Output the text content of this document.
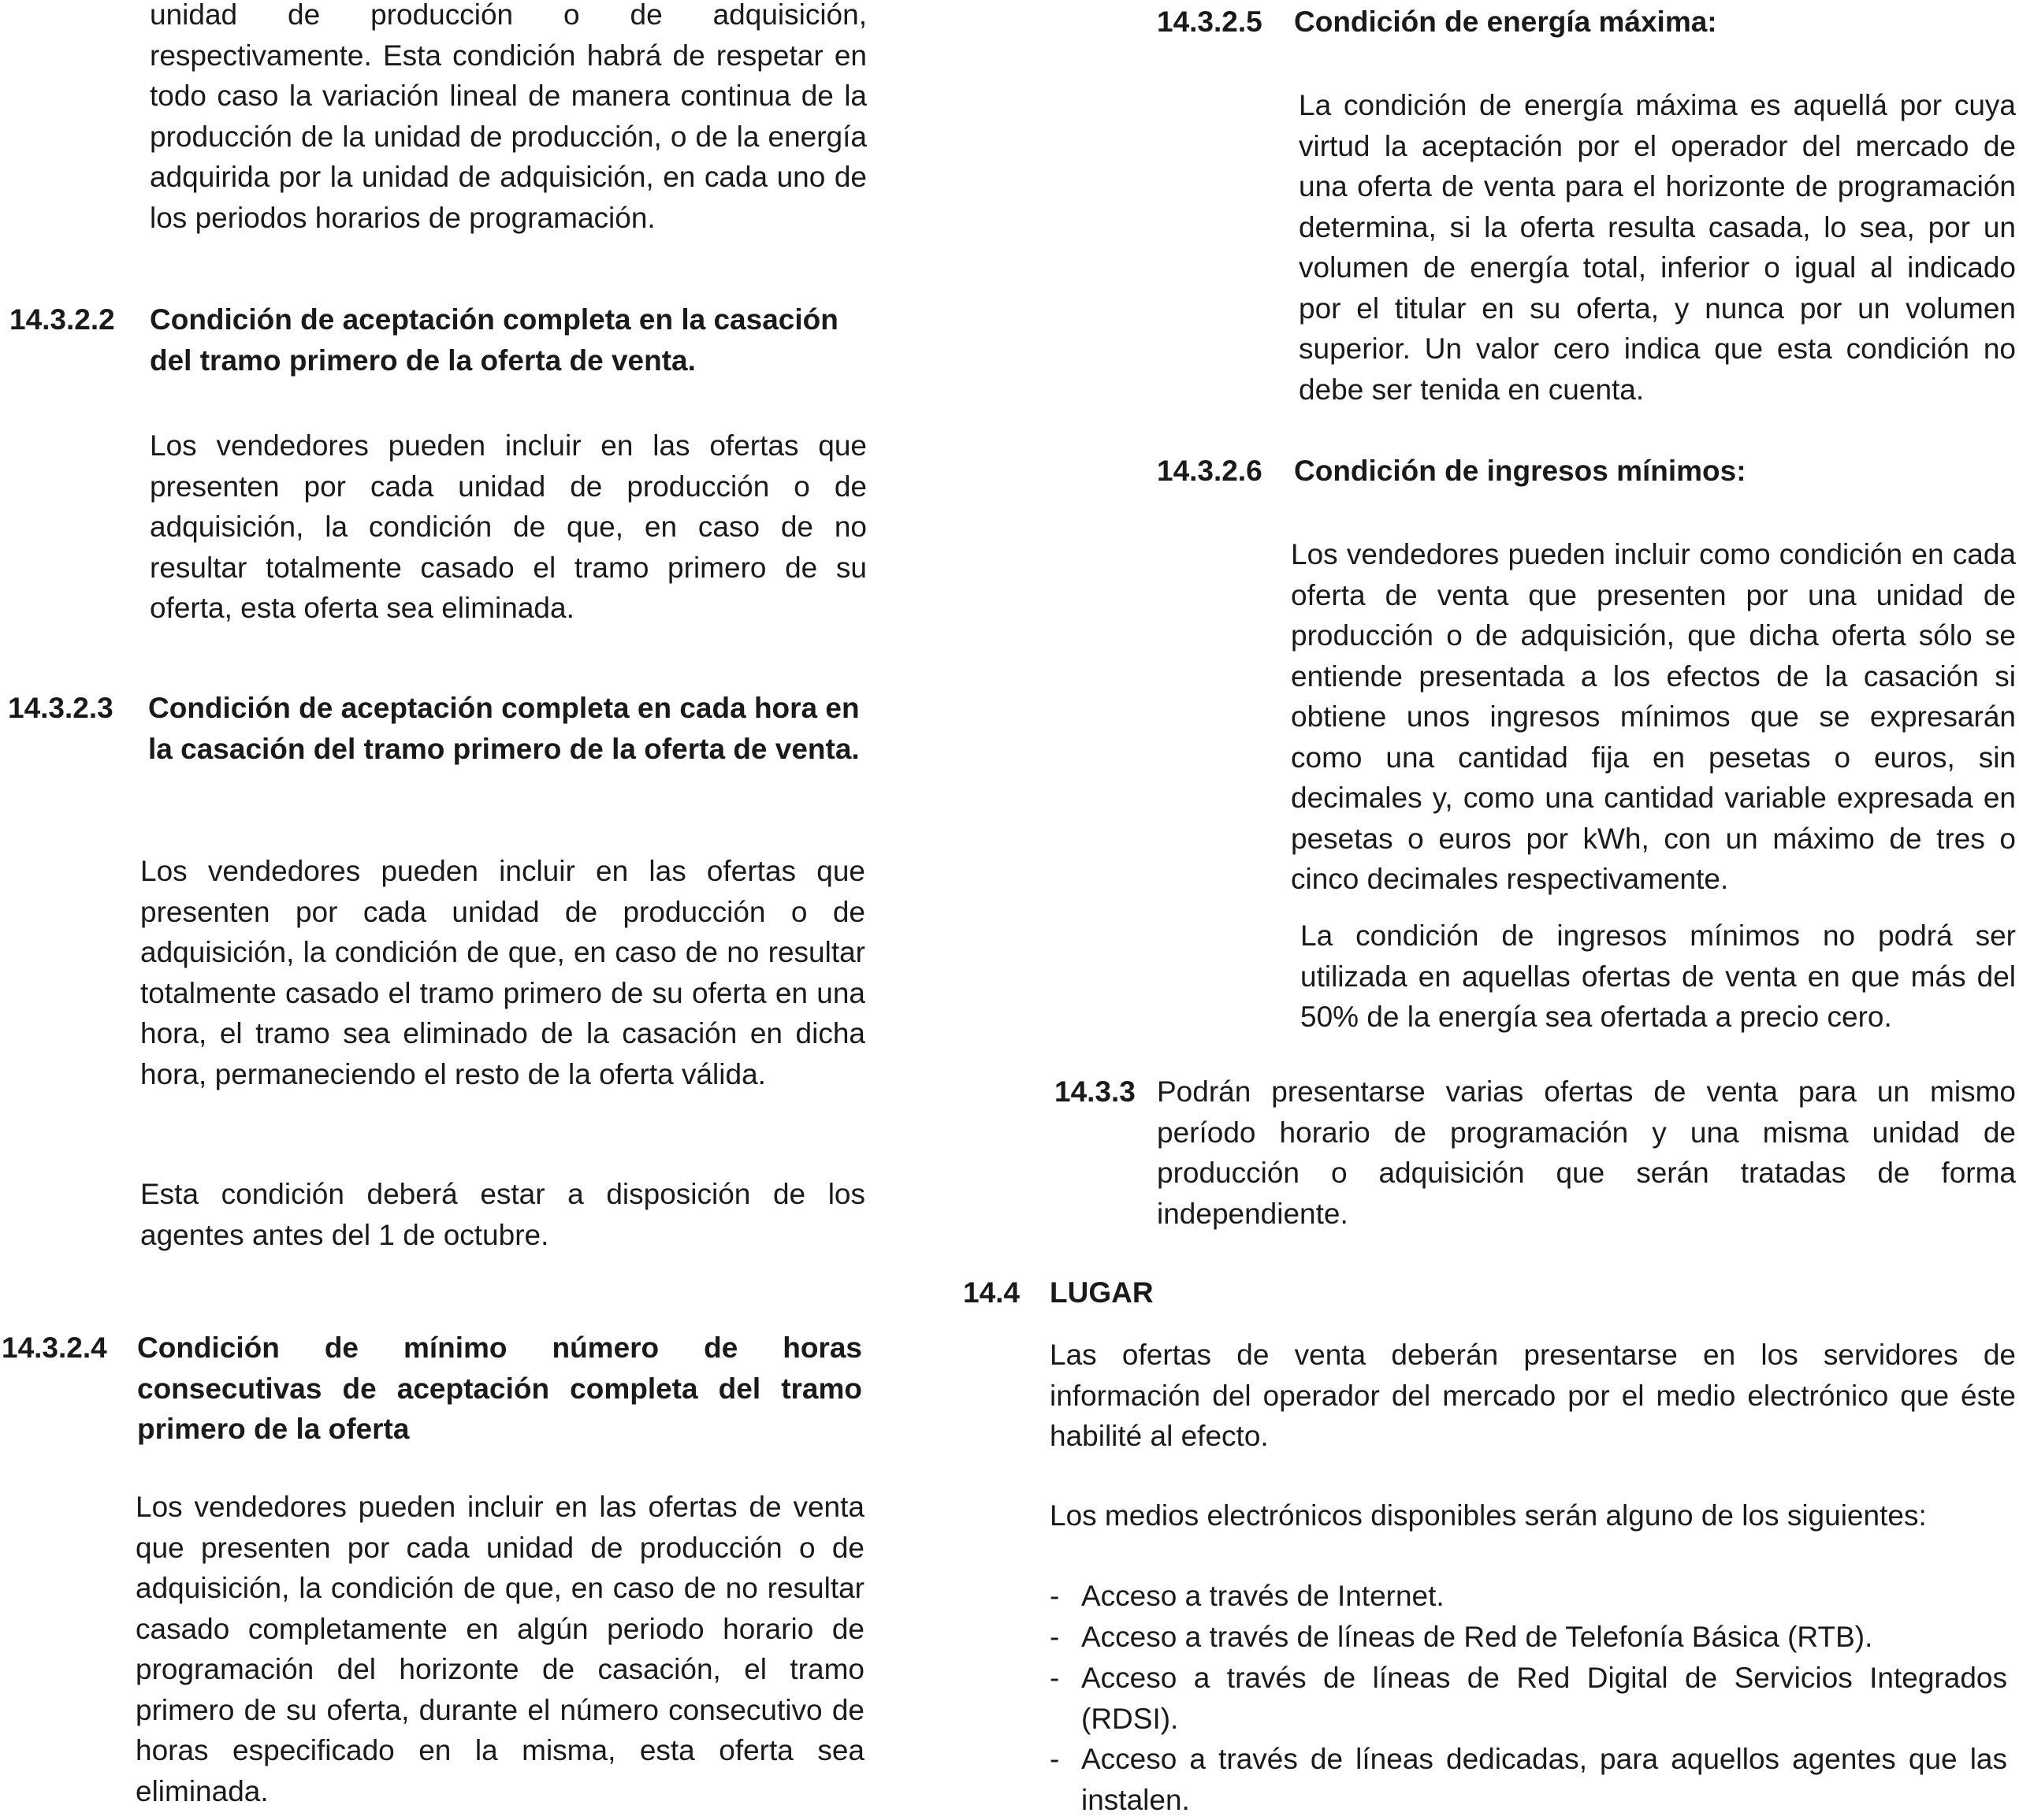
unidad de producción o de adquisición, respectivamente. Esta condición habrá de respetar en todo caso la variación lineal de manera continua de la producción de la unidad de producción, o de la energía adquirida por la unidad de adquisición, en cada uno de los periodos horarios de programación.

14.3.2.2 Condición de aceptación completa en la casación del tramo primero de la oferta de venta.

Los vendedores pueden incluir en las ofertas que presenten por cada unidad de producción o de adquisición, la condición de que, en caso de no resultar totalmente casado el tramo primero de su oferta, esta oferta sea eliminada.

14.3.2.3 Condición de aceptación completa en cada hora en la casación del tramo primero de la oferta de venta.

Los vendedores pueden incluir en las ofertas que presenten por cada unidad de producción o de adquisición, la condición de que, en caso de no resultar totalmente casado el tramo primero de su oferta en una hora, el tramo sea eliminado de la casación en dicha hora, permaneciendo el resto de la oferta válida.

Esta condición deberá estar a disposición de los agentes antes del 1 de octubre.

14.3.2.4 Condición de mínimo número de horas consecutivas de aceptación completa del tramo primero de la oferta

Los vendedores pueden incluir en las ofertas de venta que presenten por cada unidad de producción o de adquisición, la condición de que, en caso de no resultar casado completamente en algún periodo horario de programación del horizonte de casación, el tramo primero de su oferta, durante el número consecutivo de horas especificado en la misma, esta oferta sea eliminada.

14.3.2.5 Condición de energía máxima:

La condición de energía máxima es aquellá por cuya virtud la aceptación por el operador del mercado de una oferta de venta para el horizonte de programación determina, si la oferta resulta casada, lo sea, por un volumen de energía total, inferior o igual al indicado por el titular en su oferta, y nunca por un volumen superior. Un valor cero indica que esta condición no debe ser tenida en cuenta.

14.3.2.6 Condición de ingresos mínimos:

Los vendedores pueden incluir como condición en cada oferta de venta que presenten por una unidad de producción o de adquisición, que dicha oferta sólo se entiende presentada a los efectos de la casación si obtiene unos ingresos mínimos que se expresarán como una cantidad fija en pesetas o euros, sin decimales y, como una cantidad variable expresada en pesetas o euros por kWh, con un máximo de tres o cinco decimales respectivamente.

La condición de ingresos mínimos no podrá ser utilizada en aquellas ofertas de venta en que más del 50% de la energía sea ofertada a precio cero.

14.3.3 Podrán presentarse varias ofertas de venta para un mismo período horario de programación y una misma unidad de producción o adquisición que serán tratadas de forma independiente.

14.4 LUGAR

Las ofertas de venta deberán presentarse en los servidores de información del operador del mercado por el medio electrónico que éste habilité al efecto.

Los medios electrónicos disponibles serán alguno de los siguientes:

- Acceso a través de Internet.
- Acceso a través de líneas de Red de Telefonía Básica (RTB).
- Acceso a través de líneas de Red Digital de Servicios Integrados (RDSI).
- Acceso a través de líneas dedicadas, para aquellos agentes que las instalen.
